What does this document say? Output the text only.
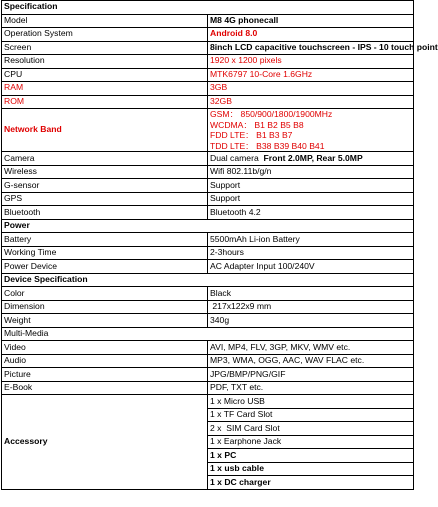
Specification	
Model	M8 4G phonecall
Operation System	Android 8.0
Screen	8inch LCD capacitive touchscreen - IPS - 10 touch point
Resolution	1920 x 1200 pixels
CPU	MTK6797 10-Core 1.6GHz
RAM	3GB
ROM	32GB
Network Band	GSM： 850/900/1800/1900MHz
WCDMA： B1 B2 B5 B8
FDD LTE： B1 B3 B7
TDD LTE： B38 B39 B40 B41

Camera	Dual camera  Front 2.0MP, Rear 5.0MP
Wireless	Wifi 802.11b/g/n
G-sensor	Support
GPS	Support
Bluetooth	Bluetooth 4.2
Power	
Battery	5500mAh Li-ion Battery
Working Time	2-3hours
Power Device	AC Adapter Input 100/240V
Device Specification	
Color	Black
Dimension	217x122x9 mm
Weight	340g
Multi-Media	
Video	AVI, MP4, FLV, 3GP, MKV, WMV etc.
Audio	MP3, WMA, OGG, AAC, WAV FLAC etc.
Picture	JPG/BMP/PNG/GIF
E-Book	PDF, TXT etc.
Accessory	1 x Micro USB
	1 x TF Card Slot
	2 x  SIM Card Slot
	1 x Earphone Jack
	1 x PC
	1 x usb cable
	1 x DC charger
